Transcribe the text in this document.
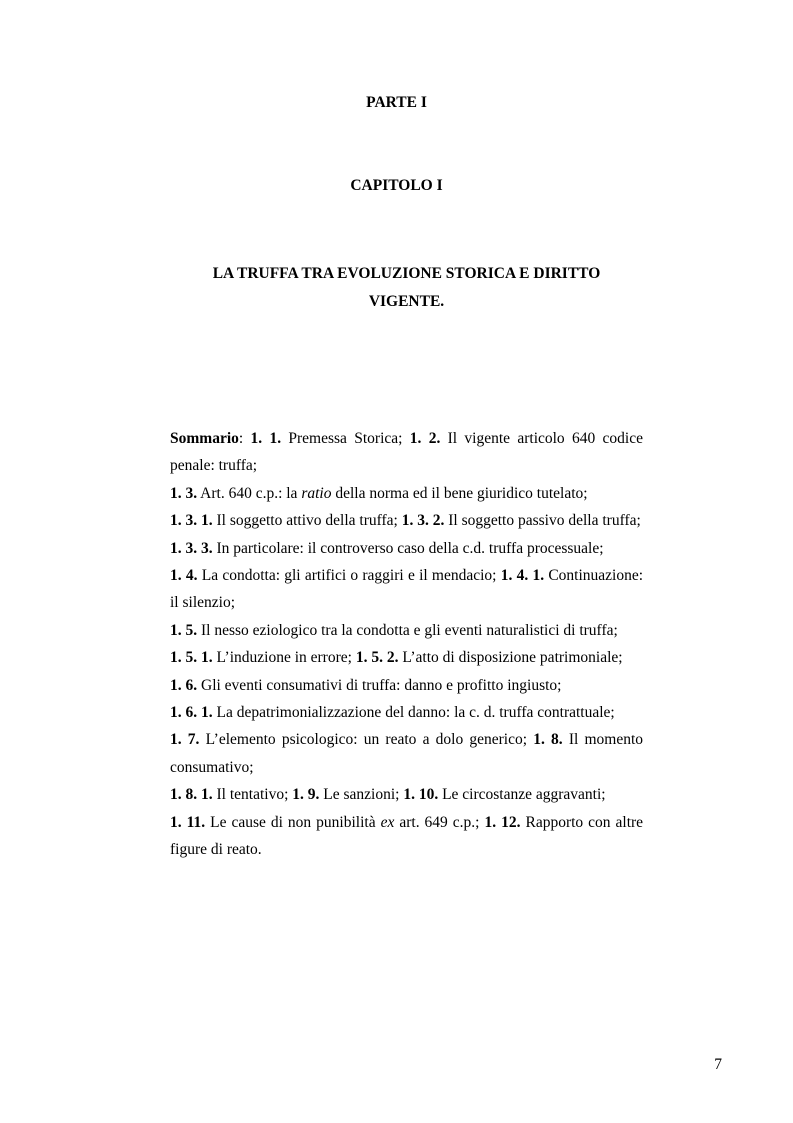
PARTE I

CAPITOLO I

LA TRUFFA TRA EVOLUZIONE STORICA E DIRITTO
VIGENTE.

Sommario: 1. 1. Premessa Storica; 1. 2. Il vigente articolo 640 codice penale: truffa;

1. 3. Art. 640 c.p.: la ratio della norma ed il bene giuridico tutelato;

1. 3. 1. Il soggetto attivo della truffa; 1. 3. 2. Il soggetto passivo della truffa;

1. 3. 3. In particolare: il controverso caso della c.d. truffa processuale;

1. 4. La condotta: gli artifici o raggiri e il mendacio; 1. 4. 1. Continuazione: il silenzio;

1. 5. Il nesso eziologico tra la condotta e gli eventi naturalistici di truffa;

1. 5. 1. L’induzione in errore; 1. 5. 2. L’atto di disposizione patrimoniale;

1. 6. Gli eventi consumativi di truffa: danno e profitto ingiusto;

1. 6. 1. La depatrimonializzazione del danno: la c. d. truffa contrattuale;

1. 7. L’elemento psicologico: un reato a dolo generico; 1. 8. Il momento consumativo;

1. 8. 1. Il tentativo; 1. 9. Le sanzioni; 1. 10. Le circostanze aggravanti;

1. 11. Le cause di non punibilità ex art. 649 c.p.; 1. 12. Rapporto con altre figure di reato.

7
